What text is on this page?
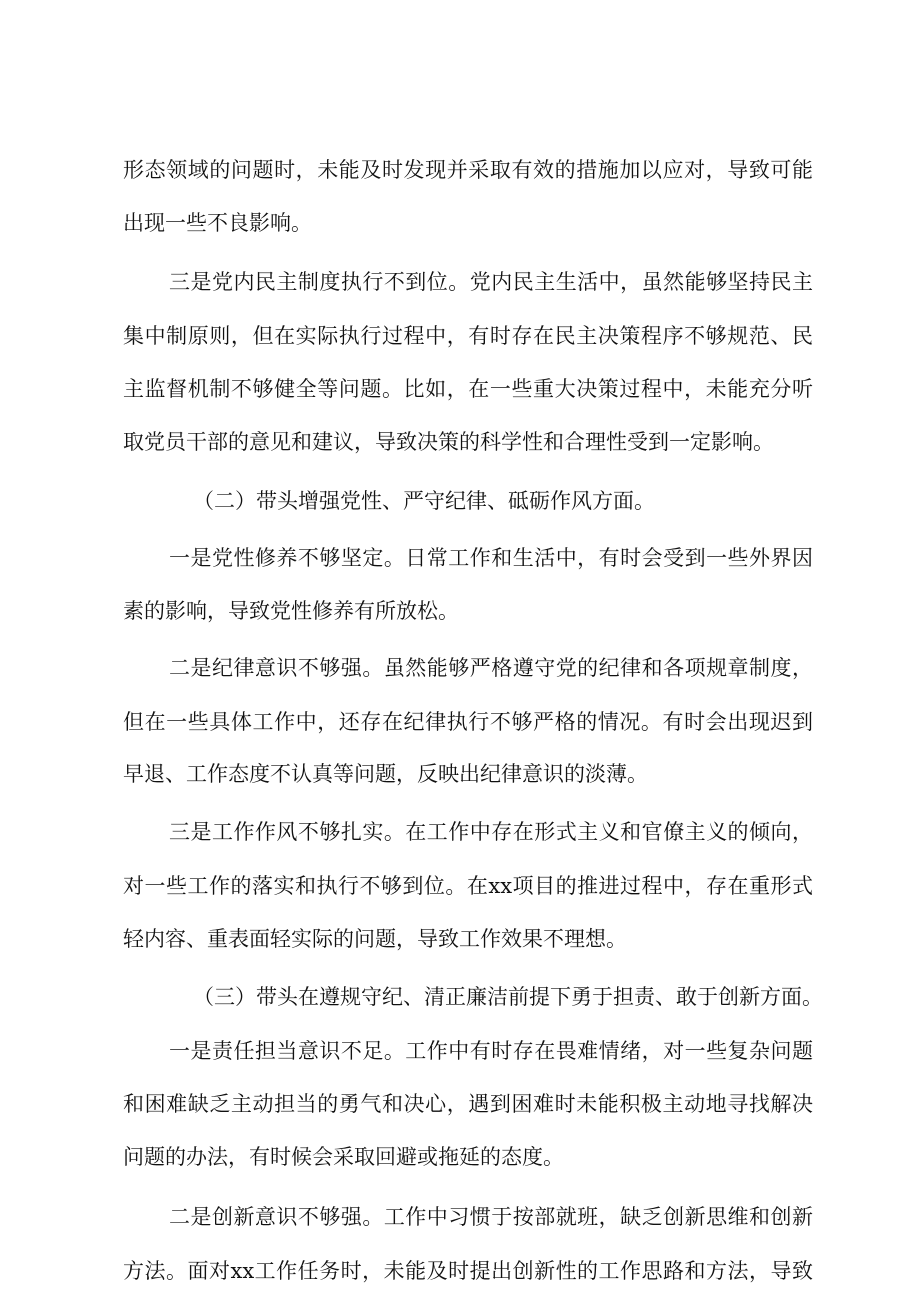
形态领域的问题时，未能及时发现并采取有效的措施加以应对，导致可能
出现一些不良影响。
三是党内民主制度执行不到位。党内民主生活中，虽然能够坚持民主
集中制原则，但在实际执行过程中，有时存在民主决策程序不够规范、民
主监督机制不够健全等问题。比如，在一些重大决策过程中，未能充分听
取党员干部的意见和建议，导致决策的科学性和合理性受到一定影响。
（二）带头增强党性、严守纪律、砥砺作风方面。
一是党性修养不够坚定。日常工作和生活中，有时会受到一些外界因
素的影响，导致党性修养有所放松。
二是纪律意识不够强。虽然能够严格遵守党的纪律和各项规章制度，
但在一些具体工作中，还存在纪律执行不够严格的情况。有时会出现迟到
早退、工作态度不认真等问题，反映出纪律意识的淡薄。
三是工作作风不够扎实。在工作中存在形式主义和官僚主义的倾向，
对一些工作的落实和执行不够到位。在xx项目的推进过程中，存在重形式
轻内容、重表面轻实际的问题，导致工作效果不理想。
（三）带头在遵规守纪、清正廉洁前提下勇于担责、敢于创新方面。
一是责任担当意识不足。工作中有时存在畏难情绪，对一些复杂问题
和困难缺乏主动担当的勇气和决心，遇到困难时未能积极主动地寻找解决
问题的办法，有时候会采取回避或拖延的态度。
二是创新意识不够强。工作中习惯于按部就班，缺乏创新思维和创新
方法。面对xx工作任务时，未能及时提出创新性的工作思路和方法，导致
